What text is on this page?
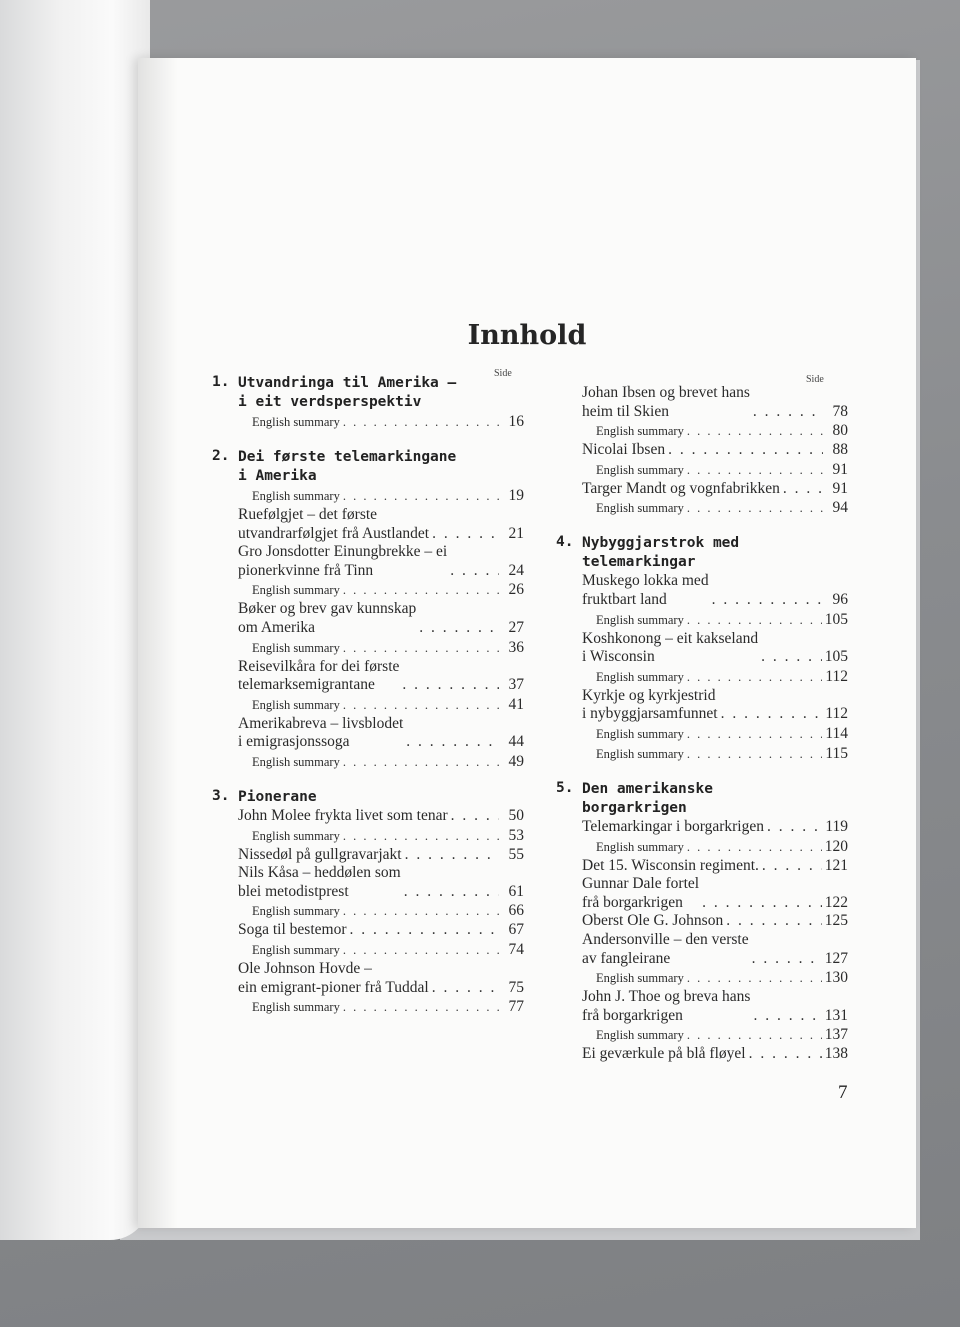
Innhold
Side
1. Utvandringa til Amerika –
i eit verdsperspektiv
English summary . . .	16
2. Dei første telemarkingane
i Amerika
English summary . . .	19
Ruefølgjet – det første
utvandrarfølgjet frå Austlandet . . .	21
Gro Jonsdotter Einungbrekke – ei
pionerkvinne frå Tinn . . .	24
English summary . . .	26
Bøker og brev gav kunnskap
om Amerika . . .	27
English summary . . .	36
Reisevilkåra for dei første
telemarksemigrantane . . .	37
English summary . . .	41
Amerikabreva – livsblodet
i emigrasjonssoga . . .	44
English summary . . .	49
3. Pionerane
John Molee frykta livet som tenar . . .	50
English summary . . .	53
Nissedøl på gullgravarjakt . . .	55
Nils Kåsa – heddølen som
blei metodistprest . . .	61
English summary . . .	66
Soga til bestemor . . .	67
English summary . . .	74
Ole Johnson Hovde –
ein emigrant-pioner frå Tuddal . . .	75
English summary . . .	77
Side
Johan Ibsen og brevet hans
heim til Skien . . .	78
English summary . . .	80
Nicolai Ibsen . . .	88
English summary . . .	91
Targer Mandt og vognfabrikken . . .	91
English summary . . .	94
4. Nybyggjarstrok med
telemarkingar
Muskego lokka med
fruktbart land . . .	96
English summary . . .	105
Koshkonong – eit kakseland
i Wisconsin . . .	105
English summary . . .	112
Kyrkje og kyrkjestrid
i nybyggjarsamfunnet . . .	112
English summary . . .	114
English summary . . .	115
5. Den amerikanske
borgarkrigen
Telemarkingar i borgarkrigen . . .	119
English summary . . .	120
Det 15. Wisconsin regiment. . . .	121
Gunnar Dale fortel
frå borgarkrigen . . .	122
Oberst Ole G. Johnson . . .	125
Andersonville – den verste
av fangleirane . . .	127
English summary . . .	130
John J. Thoe og breva hans
frå borgarkrigen . . .	131
English summary . . .	137
Ei geværkule på blå fløyel . . .	138
7
